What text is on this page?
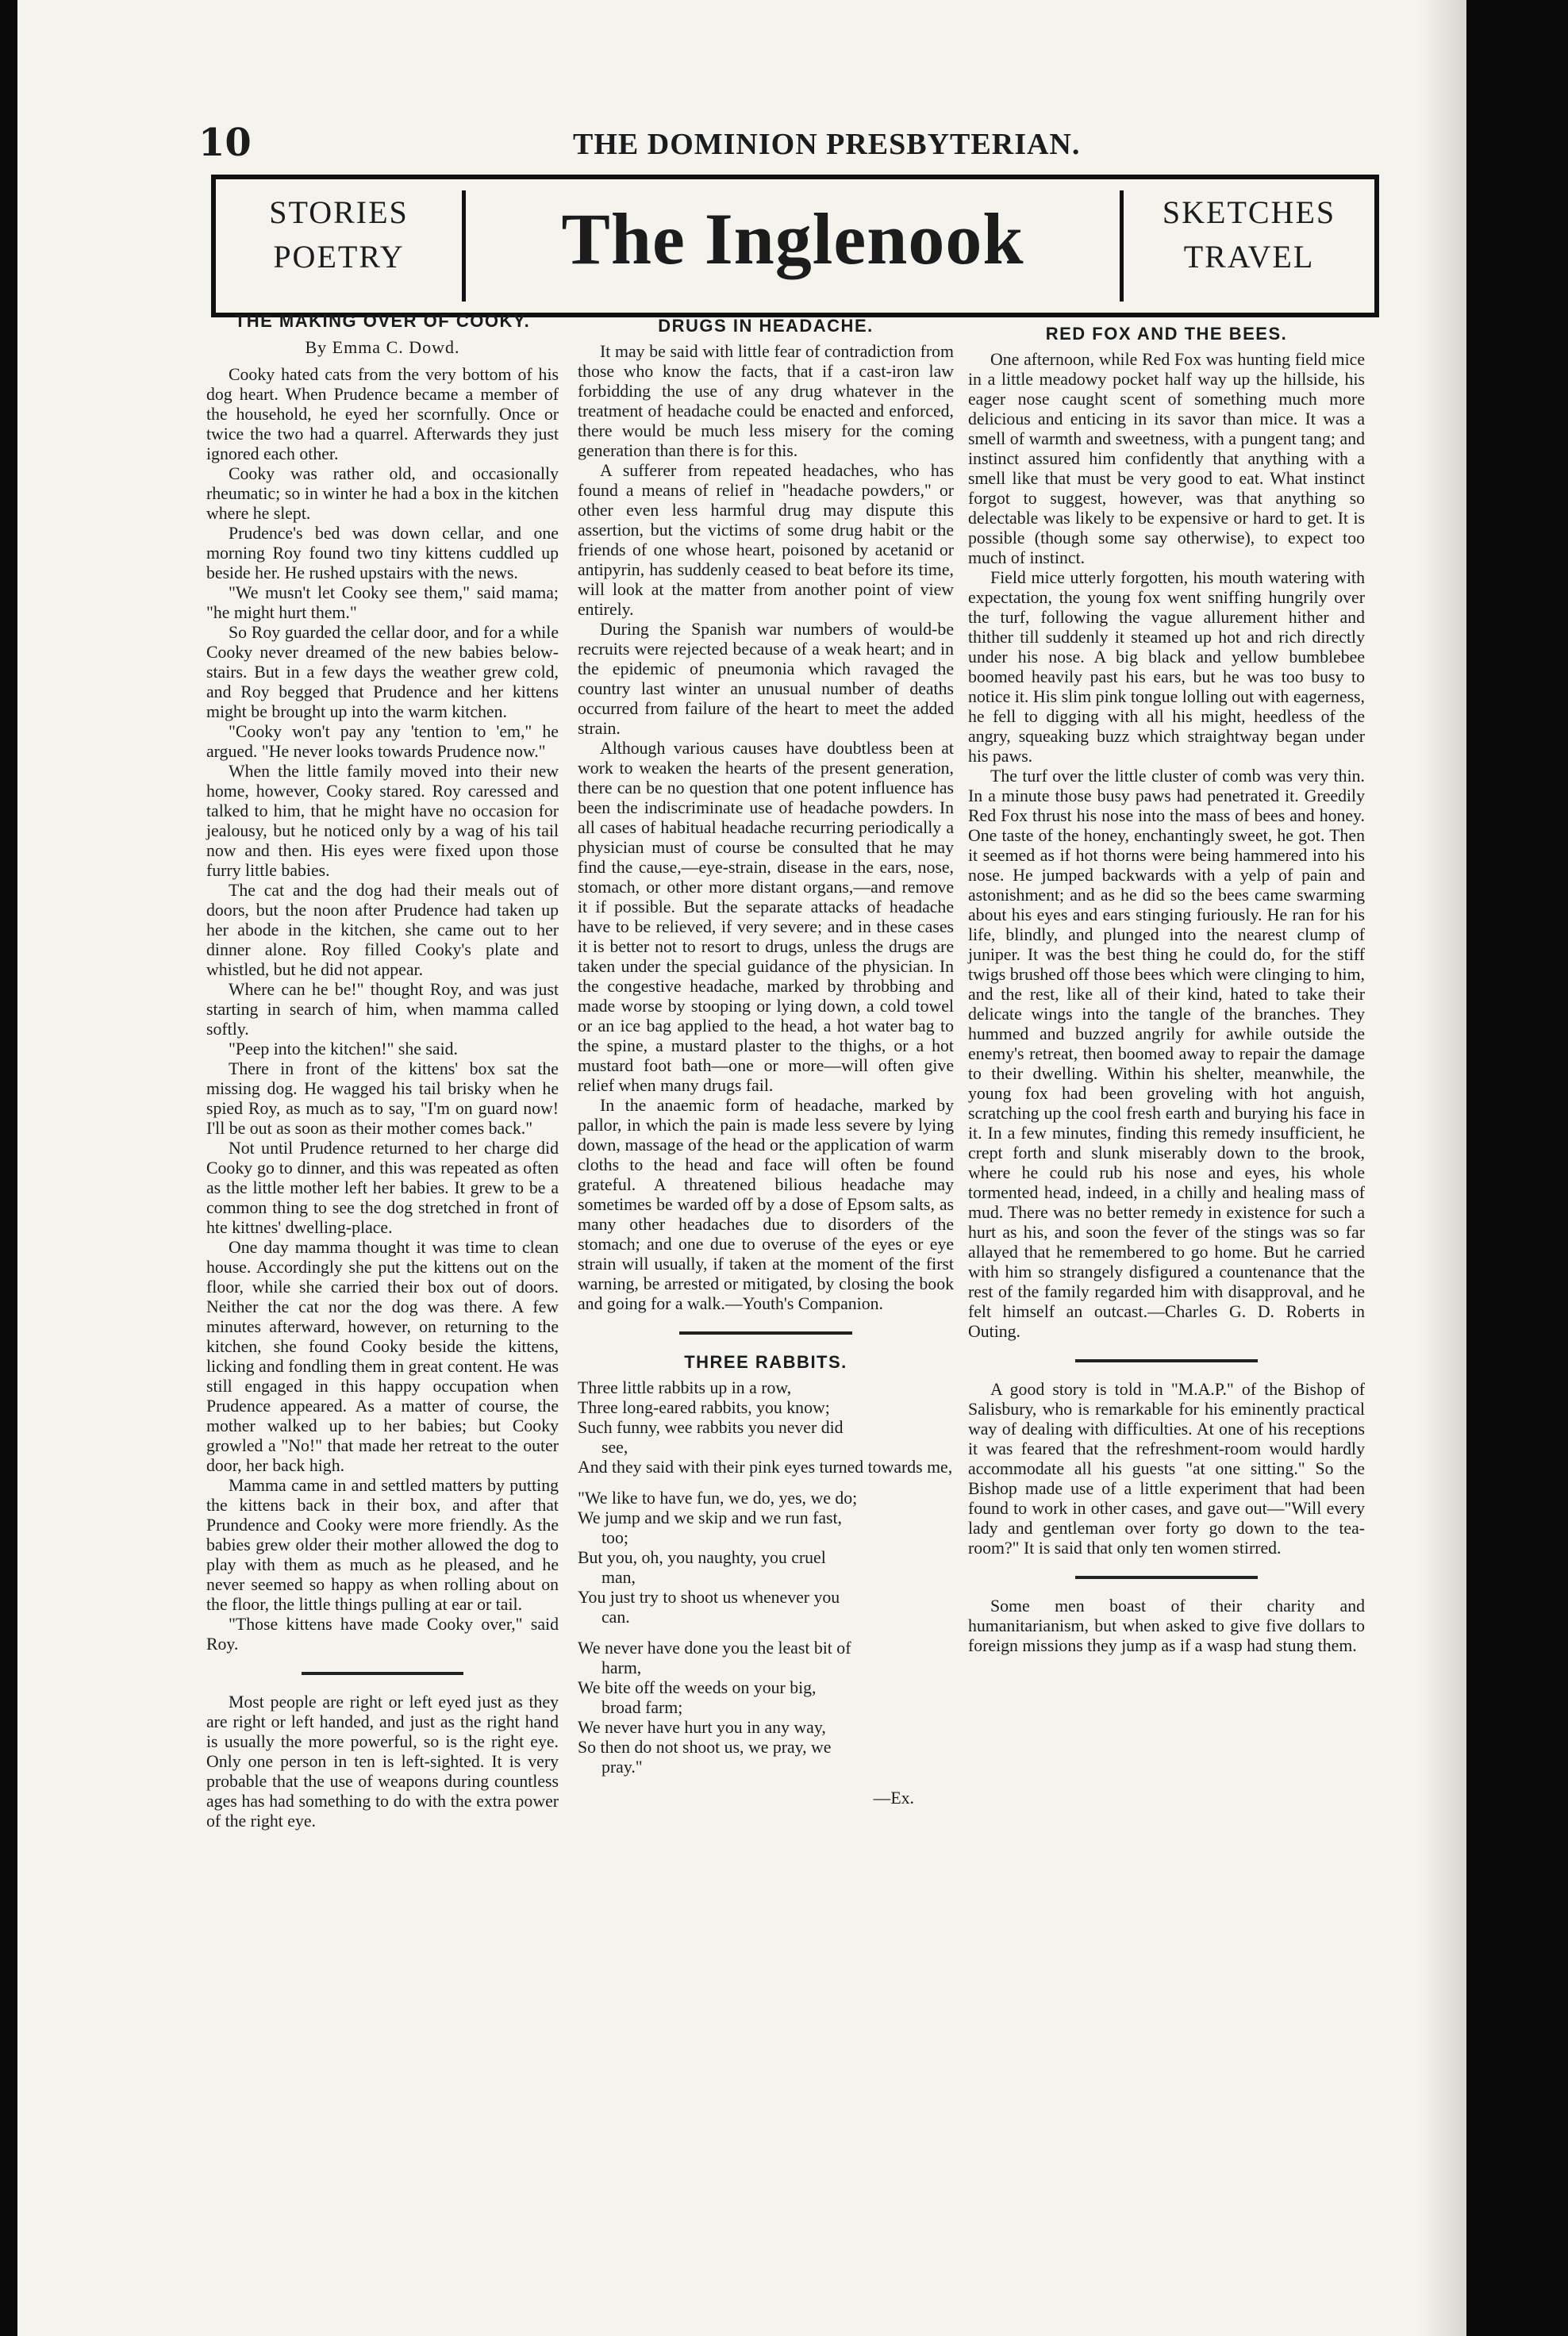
10	THE DOMINION PRESBYTERIAN.
STORIES
POETRY	The Inglenook	SKETCHES
TRAVEL
THE MAKING OVER OF COOKY.
By Emma C. Dowd.

Cooky hated cats from the very bottom of his dog heart. When Prudence became a member of the household, he eyed her scornfully. Once or twice the two had a quarrel. Afterwards they just ignored each other.

Cooky was rather old, and occasionally rheumatic; so in winter he had a box in the kitchen where he slept.

Prudence's bed was down cellar, and one morning Roy found two tiny kittens cuddled up beside her. He rushed upstairs with the news.

"We musn't let Cooky see them," said mama; "he might hurt them."

So Roy guarded the cellar door, and for a while Cooky never dreamed of the new babies below-stairs. But in a few days the weather grew cold, and Roy begged that Prudence and her kittens might be brought up into the warm kitchen.

"Cooky won't pay any 'tention to 'em," he argued. "He never looks towards Prudence now."

When the little family moved into their new home, however, Cooky stared. Roy caressed and talked to him, that he might have no occasion for jealousy, but he noticed only by a wag of his tail now and then. His eyes were fixed upon those furry little babies.

The cat and the dog had their meals out of doors, but the noon after Prudence had taken up her abode in the kitchen, she came out to her dinner alone. Roy filled Cooky's plate and whistled, but he did not appear.

Where can he be!" thought Roy, and was just starting in search of him, when mamma called softly.

"Peep into the kitchen!" she said.

There in front of the kittens' box sat the missing dog. He wagged his tail brisky when he spied Roy, as much as to say, "I'm on guard now! I'll be out as soon as their mother comes back."

Not until Prudence returned to her charge did Cooky go to dinner, and this was repeated as often as the little mother left her babies. It grew to be a common thing to see the dog stretched in front of hte kittnes' dwelling-place.

One day mamma thought it was time to clean house. Accordingly she put the kittens out on the floor, while she carried their box out of doors. Neither the cat nor the dog was there. A few minutes afterward, however, on returning to the kitchen, she found Cooky beside the kittens, licking and fondling them in great content. He was still engaged in this happy occupation when Prudence appeared. As a matter of course, the mother walked up to her babies; but Cooky growled a "No!" that made her retreat to the outer door, her back high.

Mamma came in and settled matters by putting the kittens back in their box, and after that Prundence and Cooky were more friendly. As the babies grew older their mother allowed the dog to play with them as much as he pleased, and he never seemed so happy as when rolling about on the floor, the little things pulling at ear or tail.

"Those kittens have made Cooky over," said Roy.

Most people are right or left eyed just as they are right or left handed, and just as the right hand is usually the more powerful, so is the right eye. Only one person in ten is left-sighted. It is very probable that the use of weapons during countless ages has had something to do with the extra power of the right eye.

DRUGS IN HEADACHE.

It may be said with little fear of contradiction from those who know the facts, that if a cast-iron law forbidding the use of any drug whatever in the treatment of headache could be enacted and enforced, there would be much less misery for the coming generation than there is for this.

A sufferer from repeated headaches, who has found a means of relief in "headache powders," or other even less harmful drug may dispute this assertion, but the victims of some drug habit or the friends of one whose heart, poisoned by acetanid or antipyrin, has suddenly ceased to beat before its time, will look at the matter from another point of view entirely.

During the Spanish war numbers of would-be recruits were rejected because of a weak heart; and in the epidemic of pneumonia which ravaged the country last winter an unusual number of deaths occurred from failure of the heart to meet the added strain.

Although various causes have doubtless been at work to weaken the hearts of the present generation, there can be no question that one potent influence has been the indiscriminate use of headache powders. In all cases of habitual headache recurring periodically a physician must of course be consulted that he may find the cause,—eye-strain, disease in the ears, nose, stomach, or other more distant organs,—and remove it if possible. But the separate attacks of headache have to be relieved, if very severe; and in these cases it is better not to resort to drugs, unless the drugs are taken under the special guidance of the physician. In the congestive headache, marked by throbbing and made worse by stooping or lying down, a cold towel or an ice bag applied to the head, a hot water bag to the spine, a mustard plaster to the thighs, or a hot mustard foot bath—one or more—will often give relief when many drugs fail.

In the anaemic form of headache, marked by pallor, in which the pain is made less severe by lying down, massage of the head or the application of warm cloths to the head and face will often be found grateful. A threatened bilious headache may sometimes be warded off by a dose of Epsom salts, as many other headaches due to disorders of the stomach; and one due to overuse of the eyes or eye strain will usually, if taken at the moment of the first warning, be arrested or mitigated, by closing the book and going for a walk.—Youth's Companion.

THREE RABBITS.
Three little rabbits up in a row,
Three long-eared rabbits, you know;
Such funny, wee rabbits you never did
see,
And they said with their pink eyes turned towards me,
"We like to have fun, we do, yes, we do;
We jump and we skip and we run fast,
too;
But you, oh, you naughty, you cruel
man,
You just try to shoot us whenever you
can.
We never have done you the least bit of
harm,
We bite off the weeds on your big,
broad farm;
We never have hurt you in any way,
So then do not shoot us, we pray, we
pray."
—Ex.
RED FOX AND THE BEES.

One afternoon, while Red Fox was hunting field mice in a little meadowy pocket half way up the hillside, his eager nose caught scent of something much more delicious and enticing in its savor than mice. It was a smell of warmth and sweetness, with a pungent tang; and instinct assured him confidently that anything with a smell like that must be very good to eat. What instinct forgot to suggest, however, was that anything so delectable was likely to be expensive or hard to get. It is possible (though some say otherwise), to expect too much of instinct.

Field mice utterly forgotten, his mouth watering with expectation, the young fox went sniffing hungrily over the turf, following the vague allurement hither and thither till suddenly it steamed up hot and rich directly under his nose. A big black and yellow bumblebee boomed heavily past his ears, but he was too busy to notice it. His slim pink tongue lolling out with eagerness, he fell to digging with all his might, heedless of the angry, squeaking buzz which straightway began under his paws.

The turf over the little cluster of comb was very thin. In a minute those busy paws had penetrated it. Greedily Red Fox thrust his nose into the mass of bees and honey. One taste of the honey, enchantingly sweet, he got. Then it seemed as if hot thorns were being hammered into his nose. He jumped backwards with a yelp of pain and astonishment; and as he did so the bees came swarming about his eyes and ears stinging furiously. He ran for his life, blindly, and plunged into the nearest clump of juniper. It was the best thing he could do, for the stiff twigs brushed off those bees which were clinging to him, and the rest, like all of their kind, hated to take their delicate wings into the tangle of the branches. They hummed and buzzed angrily for awhile outside the enemy's retreat, then boomed away to repair the damage to their dwelling. Within his shelter, meanwhile, the young fox had been groveling with hot anguish, scratching up the cool fresh earth and burying his face in it. In a few minutes, finding this remedy insufficient, he crept forth and slunk miserably down to the brook, where he could rub his nose and eyes, his whole tormented head, indeed, in a chilly and healing mass of mud. There was no better remedy in existence for such a hurt as his, and soon the fever of the stings was so far allayed that he remembered to go home. But he carried with him so strangely disfigured a countenance that the rest of the family regarded him with disapproval, and he felt himself an outcast.—Charles G. D. Roberts in Outing.

A good story is told in "M.A.P." of the Bishop of Salisbury, who is remarkable for his eminently practical way of dealing with difficulties. At one of his receptions it was feared that the refreshment-room would hardly accommodate all his guests "at one sitting." So the Bishop made use of a little experiment that had been found to work in other cases, and gave out—"Will every lady and gentleman over forty go down to the tea-room?" It is said that only ten women stirred.

Some men boast of their charity and humanitarianism, but when asked to give five dollars to foreign missions they jump as if a wasp had stung them.
